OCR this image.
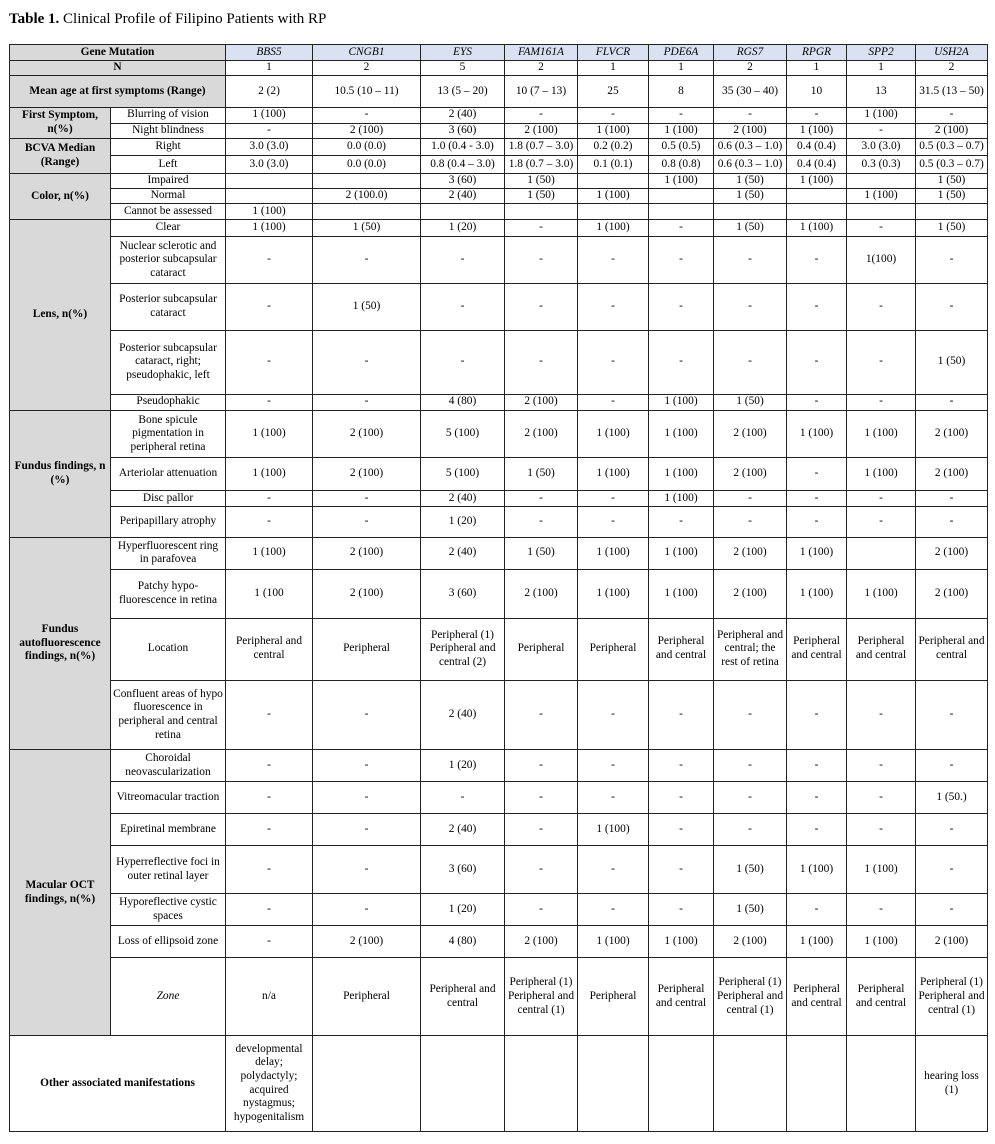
Table 1. Clinical Profile of Filipino Patients with RP
Gene Mutation		BBS5	CNGB1	EYS	FAM161A	FLVCR	PDE6A	RGS7	RPGR	SPP2	USH2A
N		1	2	5	2	1	1	2	1	1	2
Mean age at first symptoms (Range)		2 (2)	10.5 (10 – 11)	13 (5 – 20)	10 (7 – 13)	25	8	35 (30 – 40)	10	13	31.5 (13 – 50)
First Symptom, n(%)	Blurring of vision	1 (100)	-	2 (40)	-	-	-	-	-	1 (100)	-
	Night blindness	-	2 (100)	3 (60)	2 (100)	1 (100)	1 (100)	2 (100)	1 (100)	-	2 (100)
BCVA Median (Range)	Right	3.0 (3.0)	0.0 (0.0)	1.0 (0.4 - 3.0)	1.8 (0.7 – 3.0)	0.2 (0.2)	0.5 (0.5)	0.6 (0.3 – 1.0)	0.4 (0.4)	3.0 (3.0)	0.5 (0.3 – 0.7)
	Left	3.0 (3.0)	0.0 (0.0)	0.8 (0.4 – 3.0)	1.8 (0.7 – 3.0)	0.1 (0.1)	0.8 (0.8)	0.6 (0.3 – 1.0)	0.4 (0.4)	0.3 (0.3)	0.5 (0.3 – 0.7)
Color, n(%)	Impaired			3 (60)	1 (50)		1 (100)	1 (50)	1 (100)		1 (50)
	Normal		2 (100.0)	2 (40)	1 (50)	1 (100)		1 (50)		1 (100)	1 (50)
	Cannot be assessed	1 (100)									
Lens, n(%)	Clear	1 (100)	1 (50)	1 (20)	-	1 (100)	-	1 (50)	1 (100)	-	1 (50)
	Nuclear sclerotic and posterior subcapsular cataract	-	-	-	-	-	-	-	-	1(100)	-
	Posterior subcapsular cataract	-	1 (50)	-	-	-	-	-	-	-	-
	Posterior subcapsular cataract, right; pseudophakic, left	-	-	-	-	-	-	-	-	-	1 (50)
	Pseudophakic	-	-	4 (80)	2 (100)	-	1 (100)	1 (50)	-	-	-
Fundus findings, n (%)	Bone spicule pigmentation in peripheral retina	1 (100)	2 (100)	5 (100)	2 (100)	1 (100)	1 (100)	2 (100)	1 (100)	1 (100)	2 (100)
	Arteriolar attenuation	1 (100)	2 (100)	5 (100)	1 (50)	1 (100)	1 (100)	2 (100)	-	1 (100)	2 (100)
	Disc pallor	-	-	2 (40)	-	-	1 (100)	-	-	-	-
	Peripapillary atrophy	-	-	1 (20)	-	-	-	-	-	-	-
Fundus autofluorescence findings, n(%)	Hyperfluorescent ring in parafovea	1 (100)	2 (100)	2 (40)	1 (50)	1 (100)	1 (100)	2 (100)	1 (100)		2 (100)
	Patchy hypo-fluorescence in retina	1 (100	2 (100)	3 (60)	2 (100)	1 (100)	1 (100)	2 (100)	1 (100)	1 (100)	2 (100)
	Location	Peripheral and central	Peripheral	Peripheral (1) Peripheral and central (2)	Peripheral	Peripheral	Peripheral and central	Peripheral and central; the rest of retina	Peripheral and central	Peripheral and central	Peripheral and central
	Confluent areas of hypo fluorescence in peripheral and central retina	-	-	2 (40)	-	-	-	-	-	-	-
Macular OCT findings, n(%)	Choroidal neovascularization	-	-	1 (20)	-	-	-	-	-	-	-
	Vitreomacular traction	-	-	-	-	-	-	-	-	-	1 (50.)
	Epiretinal membrane	-	-	2 (40)	-	1 (100)	-	-	-	-	-
	Hyperreflective foci in outer retinal layer	-	-	3 (60)	-	-	-	1 (50)	1 (100)	1 (100)	-
	Hyporeflective cystic spaces	-	-	1 (20)	-	-	-	1 (50)	-	-	-
	Loss of ellipsoid zone	-	2 (100)	4 (80)	2 (100)	1 (100)	1 (100)	2 (100)	1 (100)	1 (100)	2 (100)
	Zone	n/a	Peripheral	Peripheral and central	Peripheral (1) Peripheral and central (1)	Peripheral	Peripheral and central	Peripheral (1) Peripheral and central (1)	Peripheral and central	Peripheral and central	Peripheral (1) Peripheral and central (1)
Other associated manifestations		developmental delay; polydactyly; acquired nystagmus; hypogenitalism									hearing loss (1)
